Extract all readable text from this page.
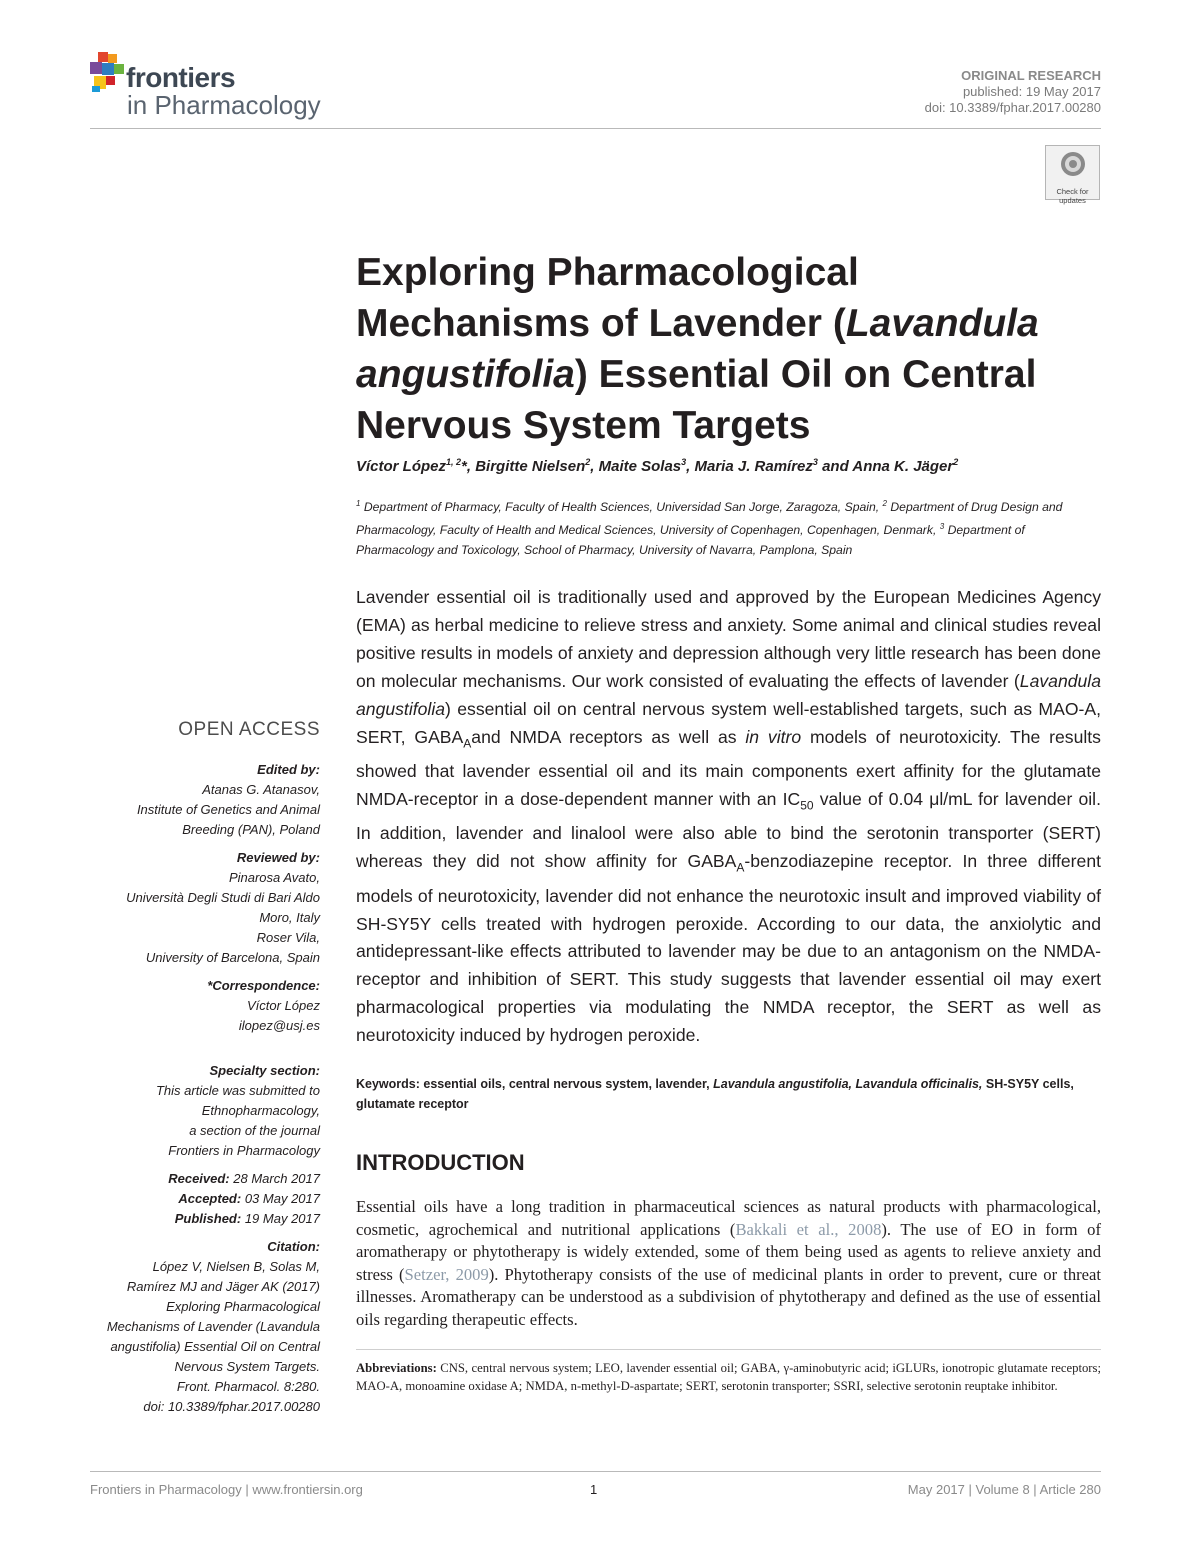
frontiers
in Pharmacology
ORIGINAL RESEARCH
published: 19 May 2017
doi: 10.3389/fphar.2017.00280
Check for updates
Exploring Pharmacological Mechanisms of Lavender (Lavandula angustifolia) Essential Oil on Central Nervous System Targets
Víctor López$^{1, 2}$*, Birgitte Nielsen$^2$, Maite Solas$^3$, Maria J. Ramírez$^3$ and Anna K. Jäger$^2$
$^1$ Department of Pharmacy, Faculty of Health Sciences, Universidad San Jorge, Zaragoza, Spain, $^2$ Department of Drug Design and Pharmacology, Faculty of Health and Medical Sciences, University of Copenhagen, Copenhagen, Denmark, $^3$ Department of Pharmacology and Toxicology, School of Pharmacy, University of Navarra, Pamplona, Spain

Lavender essential oil is traditionally used and approved by the European Medicines Agency (EMA) as herbal medicine to relieve stress and anxiety. Some animal and clinical studies reveal positive results in models of anxiety and depression although very little research has been done on molecular mechanisms. Our work consisted of evaluating the effects of lavender (Lavandula angustifolia) essential oil on central nervous system well-established targets, such as MAO-A, SERT, $GABA_Aand$ NMDA receptors as well as in vitro models of neurotoxicity. The results showed that lavender essential oil and its main components exert affinity for the glutamate NMDA-receptor in a dose-dependent manner with an $IC_{50}$ value of 0.04 μl/mL for lavender oil. In addition, lavender and linalool were also able to bind the serotonin transporter (SERT) whereas they did not show affinity for $GABA_A$-benzodiazepine receptor. In three different models of neurotoxicity, lavender did not enhance the neurotoxic insult and improved viability of SH-SY5Y cells treated with hydrogen peroxide. According to our data, the anxiolytic and antidepressant-like effects attributed to lavender may be due to an antagonism on the NMDA-receptor and inhibition of SERT. This study suggests that lavender essential oil may exert pharmacological properties via modulating the NMDA receptor, the SERT as well as neurotoxicity induced by hydrogen peroxide.

Keywords: essential oils, central nervous system, lavender, Lavandula angustifolia, Lavandula officinalis, SH-SY5Y cells, glutamate receptor
INTRODUCTION

Essential oils have a long tradition in pharmaceutical sciences as natural products with pharmacological, cosmetic, agrochemical and nutritional applications (Bakkali et al., 2008). The use of EO in form of aromatherapy or phytotherapy is widely extended, some of them being used as agents to relieve anxiety and stress (Setzer, 2009). Phytotherapy consists of the use of medicinal plants in order to prevent, cure or threat illnesses. Aromatherapy can be understood as a subdivision of phytotherapy and defined as the use of essential oils regarding therapeutic effects.

Abbreviations: CNS, central nervous system; LEO, lavender essential oil; GABA, γ-aminobutyric acid; iGLURs, ionotropic glutamate receptors; MAO-A, monoamine oxidase A; NMDA, n-methyl-D-aspartate; SERT, serotonin transporter; SSRI, selective serotonin reuptake inhibitor.
OPEN ACCESS
Edited by:
Atanas G. Atanasov,
Institute of Genetics and Animal
Breeding (PAN), Poland
Reviewed by:
Pinarosa Avato,
Università Degli Studi di Bari Aldo
Moro, Italy
Roser Vila,
University of Barcelona, Spain
*Correspondence:
Víctor López
ilopez@usj.es
Specialty section:
This article was submitted to
Ethnopharmacology,
a section of the journal
Frontiers in Pharmacology
Received: 28 March 2017
Accepted: 03 May 2017
Published: 19 May 2017
Citation:
López V, Nielsen B, Solas M,
Ramírez MJ and Jäger AK (2017)
Exploring Pharmacological
Mechanisms of Lavender (Lavandula
angustifolia) Essential Oil on Central
Nervous System Targets.
Front. Pharmacol. 8:280.
doi: 10.3389/fphar.2017.00280
Frontiers in Pharmacology | www.frontiersin.org	1	May 2017 | Volume 8 | Article 280
